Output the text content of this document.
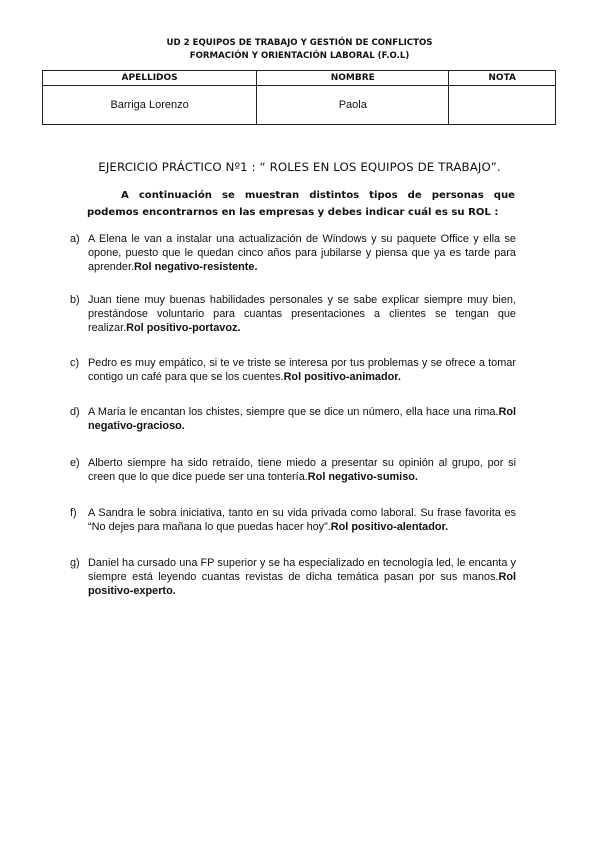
UD 2 EQUIPOS DE TRABAJO Y GESTIÓN DE CONFLICTOS
FORMACIÓN Y ORIENTACIÓN LABORAL (F.O.L)
APELLIDOS	NOMBRE	NOTA
Barriga Lorenzo	Paola	
EJERCICIO PRÁCTICO Nº1 : “ ROLES EN LOS EQUIPOS DE TRABAJO”.
A continuación se muestran distintos tipos de personas que podemos encontrarnos en las empresas y debes indicar cuál es su ROL :
a) A Elena le van a instalar una actualización de Windows y su paquete Office y ella se opone, puesto que le quedan cinco años para jubilarse y piensa que ya es tarde para aprender.Rol negativo-resistente.
b) Juan tiene muy buenas habilidades personales y se sabe explicar siempre muy bien, prestándose voluntario para cuantas presentaciones a clientes se tengan que realizar.Rol positivo-portavoz.
c) Pedro es muy empático, si te ve triste se interesa por tus problemas y se ofrece a tomar contigo un café para que se los cuentes.Rol positivo-animador.
d) A María le encantan los chistes, siempre que se dice un número, ella hace una rima.Rol negativo-gracioso.
e) Alberto siempre ha sido retraído, tiene miedo a presentar su opinión al grupo, por si creen que lo que dice puede ser una tontería.Rol negativo-sumiso.
f) A Sandra le sobra iniciativa, tanto en su vida privada como laboral. Su frase favorita es “No dejes para mañana lo que puedas hacer hoy”.Rol positivo-alentador.
g) Daniel ha cursado una FP superior y se ha especializado en tecnología led, le encanta y siempre está leyendo cuantas revistas de dicha temática pasan por sus manos.Rol positivo-experto.
